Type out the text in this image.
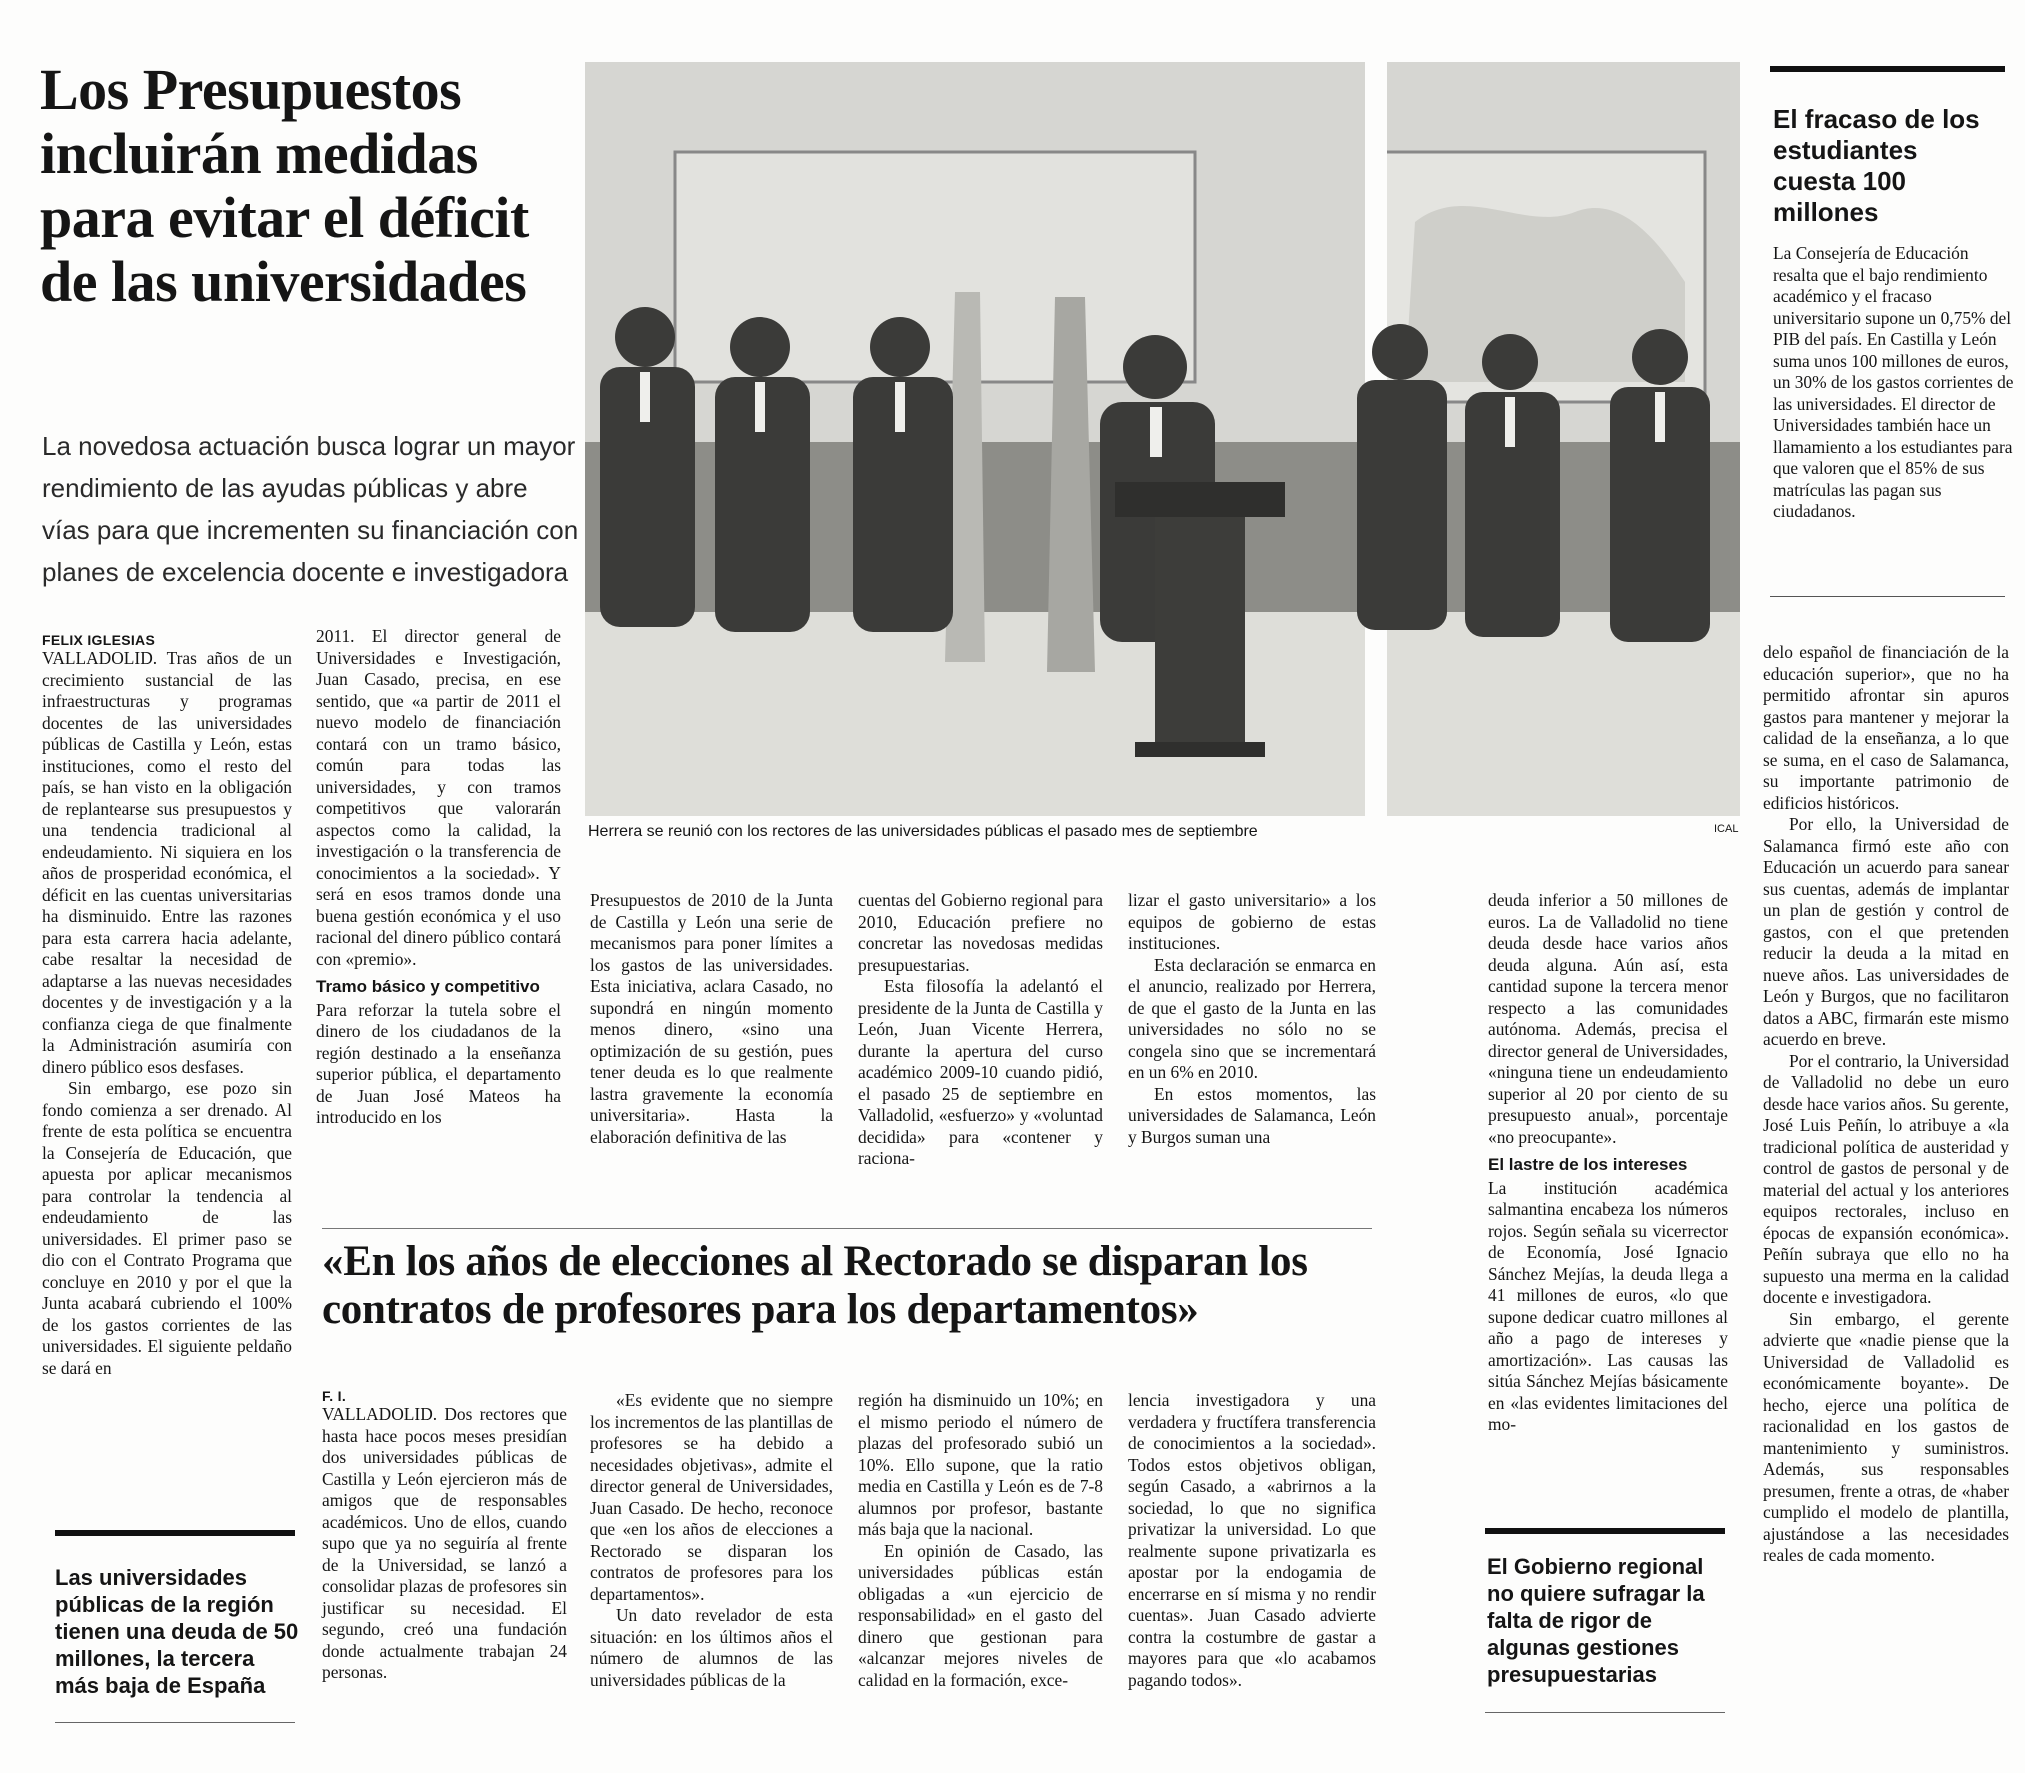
Los Presupuestos incluirán medidas para evitar el déficit de las universidades

La novedosa actuación busca lograr un mayor rendimiento de las ayudas públicas y abre vías para que incrementen su financiación con planes de excelencia docente e investigadora

FELIX IGLESIAS

VALLADOLID. Tras años de un crecimiento sustancial de las infraestructuras y programas docentes de las universidades públicas de Castilla y León, estas instituciones, como el resto del país, se han visto en la obligación de replantearse sus presupuestos y una tendencia tradicional al endeudamiento. Ni siquiera en los años de prosperidad económica, el déficit en las cuentas universitarias ha disminuido. Entre las razones para esta carrera hacia adelante, cabe resaltar la necesidad de adaptarse a las nuevas necesidades docentes y de investigación y a la confianza ciega de que finalmente la Administración asumiría con dinero público esos desfases.

Sin embargo, ese pozo sin fondo comienza a ser drenado. Al frente de esta política se encuentra la Consejería de Educación, que apuesta por aplicar mecanismos para controlar la tendencia al endeudamiento de las universidades. El primer paso se dio con el Contrato Programa que concluye en 2010 y por el que la Junta acabará cubriendo el 100% de los gastos corrientes de las universidades. El siguiente peldaño se dará en

2011. El director general de Universidades e Investigación, Juan Casado, precisa, en ese sentido, que «a partir de 2011 el nuevo modelo de financiación contará con un tramo básico, común para todas las universidades, y con tramos competitivos que valorarán aspectos como la calidad, la investigación o la transferencia de conocimientos a la sociedad». Y será en esos tramos donde una buena gestión económica y el uso racional del dinero público contará con «premio».

Tramo básico y competitivo

Para reforzar la tutela sobre el dinero de los ciudadanos de la región destinado a la enseñanza superior pública, el departamento de Juan José Mateos ha introducido en los

Herrera se reunió con los rectores de las universidades públicas el pasado mes de septiembre	ICAL

Presupuestos de 2010 de la Junta de Castilla y León una serie de mecanismos para poner límites a los gastos de las universidades. Esta iniciativa, aclara Casado, no supondrá en ningún momento menos dinero, «sino una optimización de su gestión, pues tener deuda es lo que realmente lastra gravemente la economía universitaria». Hasta la elaboración definitiva de las

cuentas del Gobierno regional para 2010, Educación prefiere no concretar las novedosas medidas presupuestarias.

Esta filosofía la adelantó el presidente de la Junta de Castilla y León, Juan Vicente Herrera, durante la apertura del curso académico 2009-10 cuando pidió, el pasado 25 de septiembre en Valladolid, «esfuerzo» y «voluntad decidida» para «contener y raciona-

lizar el gasto universitario» a los equipos de gobierno de estas instituciones.

Esta declaración se enmarca en el anuncio, realizado por Herrera, de que el gasto de la Junta en las universidades no sólo no se congela sino que se incrementará en un 6% en 2010.

En estos momentos, las universidades de Salamanca, León y Burgos suman una

deuda inferior a 50 millones de euros. La de Valladolid no tiene deuda desde hace varios años deuda alguna. Aún así, esta cantidad supone la tercera menor respecto a las comunidades autónoma. Además, precisa el director general de Universidades, «ninguna tiene un endeudamiento superior al 20 por ciento de su presupuesto anual», porcentaje «no preocupante».

El lastre de los intereses

La institución académica salmantina encabeza los números rojos. Según señala su vicerrector de Economía, José Ignacio Sánchez Mejías, la deuda llega a 41 millones de euros, «lo que supone dedicar cuatro millones al año a pago de intereses y amortización». Las causas las sitúa Sánchez Mejías básicamente en «las evidentes limitaciones del mo-

El fracaso de los estudiantes cuesta 100 millones

La Consejería de Educación resalta que el bajo rendimiento académico y el fracaso universitario supone un 0,75% del PIB del país. En Castilla y León suma unos 100 millones de euros, un 30% de los gastos corrientes de las universidades. El director de Universidades también hace un llamamiento a los estudiantes para que valoren que el 85% de sus matrículas las pagan sus ciudadanos.

delo español de financiación de la educación superior», que no ha permitido afrontar sin apuros gastos para mantener y mejorar la calidad de la enseñanza, a lo que se suma, en el caso de Salamanca, su importante patrimonio de edificios históricos.

Por ello, la Universidad de Salamanca firmó este año con Educación un acuerdo para sanear sus cuentas, además de implantar un plan de gestión y control de gastos, con el que pretenden reducir la deuda a la mitad en nueve años. Las universidades de León y Burgos, que no facilitaron datos a ABC, firmarán este mismo acuerdo en breve.

Por el contrario, la Universidad de Valladolid no debe un euro desde hace varios años. Su gerente, José Luis Peñín, lo atribuye a «la tradicional política de austeridad y control de gastos de personal y de material del actual y los anteriores equipos rectorales, incluso en épocas de expansión económica». Peñín subraya que ello no ha supuesto una merma en la calidad docente e investigadora.

Sin embargo, el gerente advierte que «nadie piense que la Universidad de Valladolid es económicamente boyante». De hecho, ejerce una política de racionalidad en los gastos de mantenimiento y suministros. Además, sus responsables presumen, frente a otras, de «haber cumplido el modelo de plantilla, ajustándose a las necesidades reales de cada momento.

«En los años de elecciones al Rectorado se disparan los contratos de profesores para los departamentos»
F. I.

VALLADOLID. Dos rectores que hasta hace pocos meses presidían dos universidades públicas de Castilla y León ejercieron más de amigos que de responsables académicos. Uno de ellos, cuando supo que ya no seguiría al frente de la Universidad, se lanzó a consolidar plazas de profesores sin justificar su necesidad. El segundo, creó una fundación donde actualmente trabajan 24 personas.

«Es evidente que no siempre los incrementos de las plantillas de profesores se ha debido a necesidades objetivas», admite el director general de Universidades, Juan Casado. De hecho, reconoce que «en los años de elecciones a Rectorado se disparan los contratos de profesores para los departamentos».

Un dato revelador de esta situación: en los últimos años el número de alumnos de las universidades públicas de la

región ha disminuido un 10%; en el mismo periodo el número de plazas del profesorado subió un 10%. Ello supone, que la ratio media en Castilla y León es de 7-8 alumnos por profesor, bastante más baja que la nacional.

En opinión de Casado, las universidades públicas están obligadas a «un ejercicio de responsabilidad» en el gasto del dinero que gestionan para «alcanzar mejores niveles de calidad en la formación, exce-

lencia investigadora y una verdadera y fructífera transferencia de conocimientos a la sociedad». Todos estos objetivos obligan, según Casado, a «abrirnos a la sociedad, lo que no significa privatizar la universidad. Lo que realmente supone privatizarla es apostar por la endogamia de encerrarse en sí misma y no rendir cuentas». Juan Casado advierte contra la costumbre de gastar a mayores para que «lo acabamos pagando todos».

Las universidades públicas de la región tienen una deuda de 50 millones, la tercera más baja de España

El Gobierno regional no quiere sufragar la falta de rigor de algunas gestiones presupuestarias
